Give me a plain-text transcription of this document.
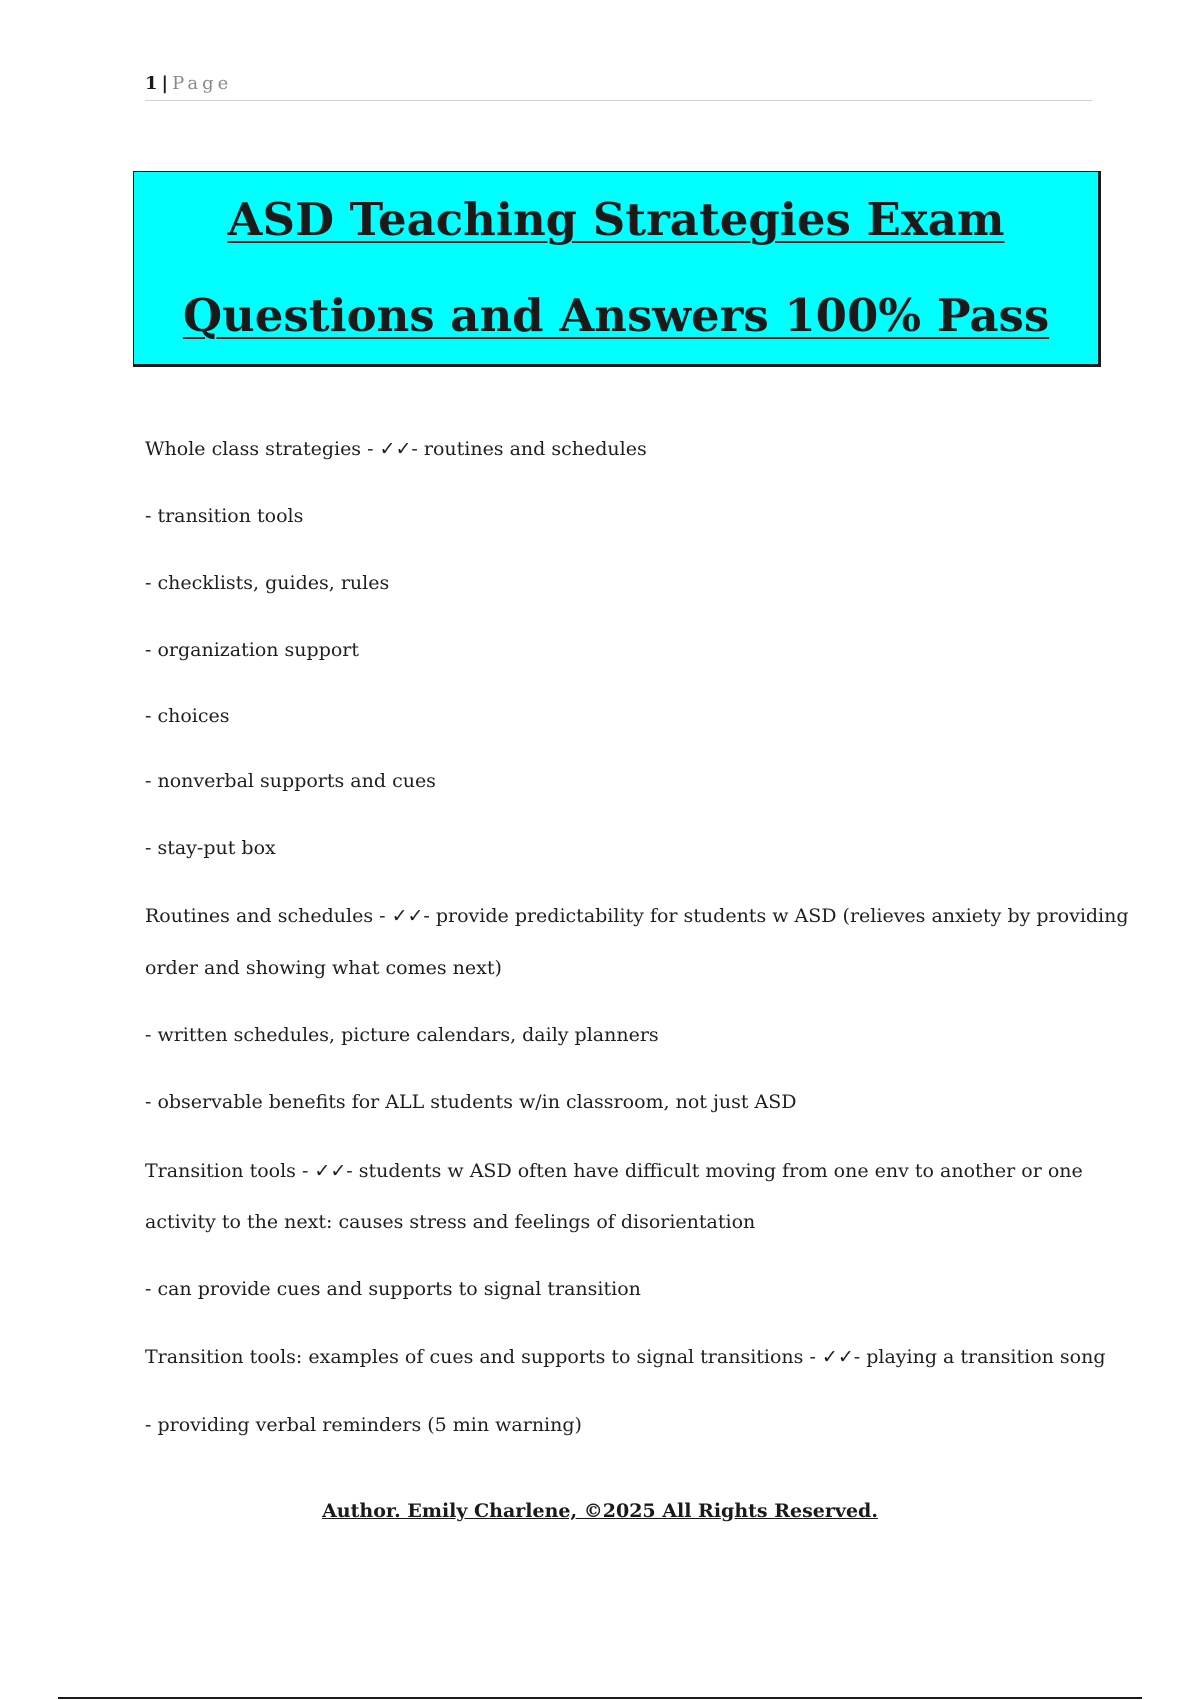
1 | Page
ASD Teaching Strategies Exam
Questions and Answers 100% Pass
Whole class strategies - ✓✓- routines and schedules
- transition tools
- checklists, guides, rules
- organization support
- choices
- nonverbal supports and cues
- stay-put box
Routines and schedules - ✓✓- provide predictability for students w ASD (relieves anxiety by providing
order and showing what comes next)
- written schedules, picture calendars, daily planners
- observable benefits for ALL students w/in classroom, not just ASD
Transition tools - ✓✓- students w ASD often have difficult moving from one env to another or one
activity to the next: causes stress and feelings of disorientation
- can provide cues and supports to signal transition
Transition tools: examples of cues and supports to signal transitions - ✓✓- playing a transition song
- providing verbal reminders (5 min warning)
Author. Emily Charlene, ©2025 All Rights Reserved.
